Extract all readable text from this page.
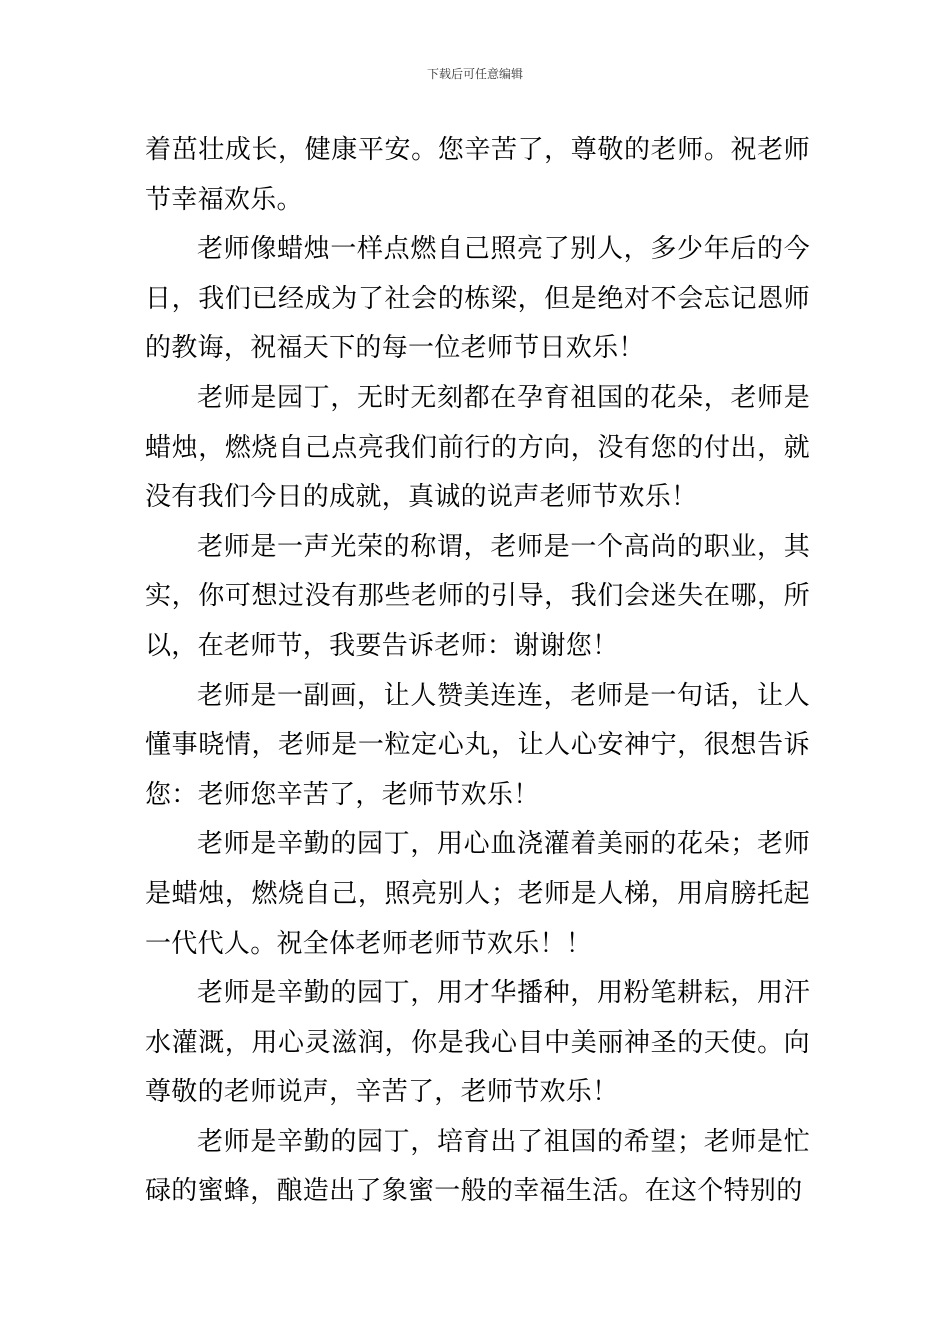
下载后可任意编辑

着茁壮成长，健康平安。您辛苦了，尊敬的老师。祝老师节幸福欢乐。

老师像蜡烛一样点燃自己照亮了别人，多少年后的今日，我们已经成为了社会的栋梁，但是绝对不会忘记恩师的教诲，祝福天下的每一位老师节日欢乐！

老师是园丁，无时无刻都在孕育祖国的花朵，老师是蜡烛，燃烧自己点亮我们前行的方向，没有您的付出，就没有我们今日的成就，真诚的说声老师节欢乐！

老师是一声光荣的称谓，老师是一个高尚的职业，其实，你可想过没有那些老师的引导，我们会迷失在哪，所以，在老师节，我要告诉老师：谢谢您！

老师是一副画，让人赞美连连，老师是一句话，让人懂事晓情，老师是一粒定心丸，让人心安神宁，很想告诉您：老师您辛苦了，老师节欢乐！

老师是辛勤的园丁，用心血浇灌着美丽的花朵；老师是蜡烛，燃烧自己，照亮别人；老师是人梯，用肩膀托起一代代人。祝全体老师老师节欢乐！！

老师是辛勤的园丁，用才华播种，用粉笔耕耘，用汗水灌溉，用心灵滋润，你是我心目中美丽神圣的天使。向尊敬的老师说声，辛苦了，老师节欢乐！

老师是辛勤的园丁，培育出了祖国的希望；老师是忙碌的蜜蜂，酿造出了象蜜一般的幸福生活。在这个特别的
